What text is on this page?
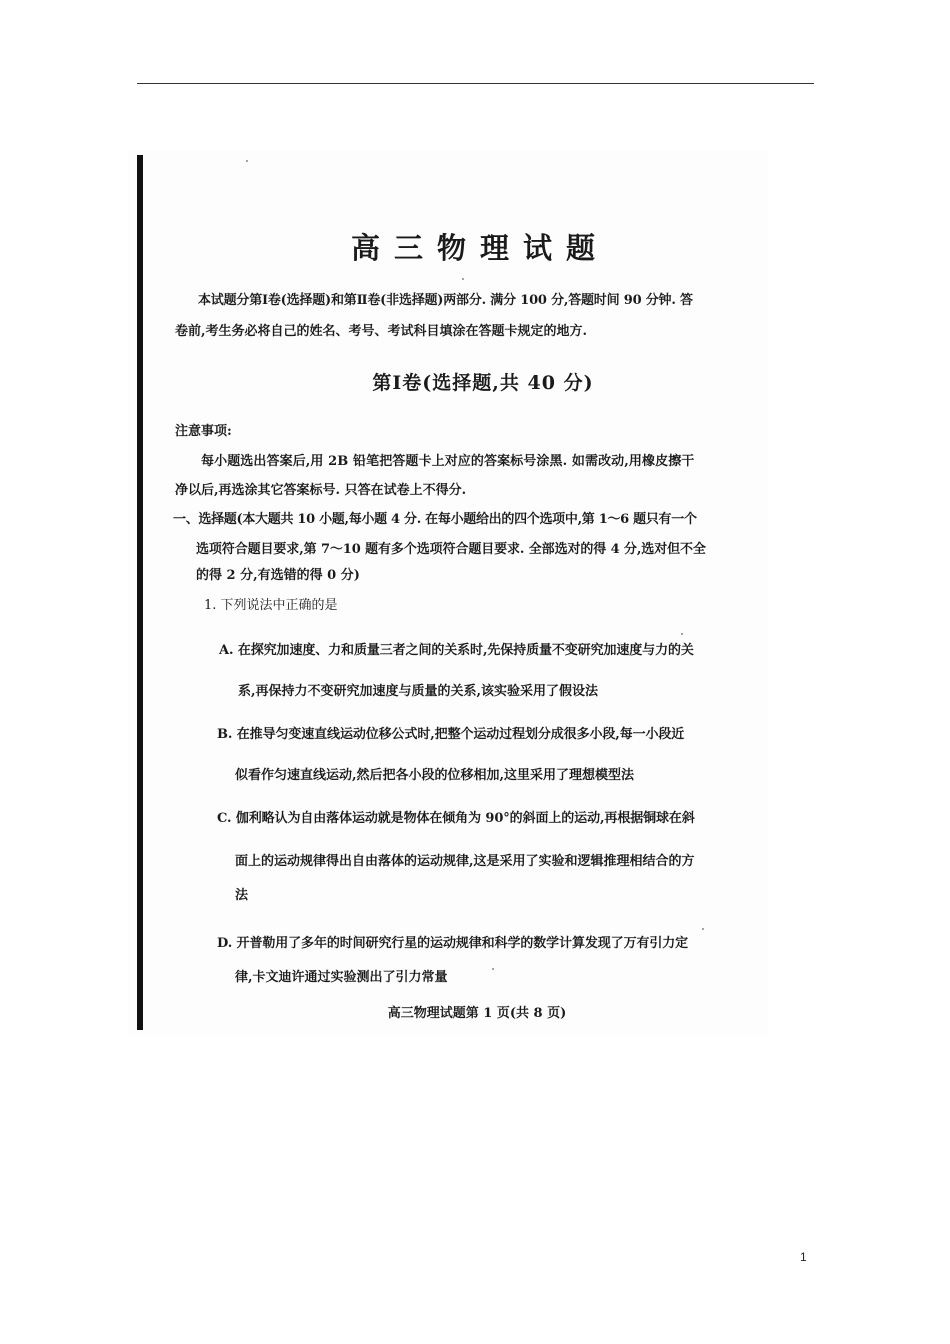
高三物理试题
本试题分第Ⅰ卷(选择题)和第Ⅱ卷(非选择题)两部分. 满分 100 分,答题时间 90 分钟. 答
卷前,考生务必将自己的姓名、考号、考试科目填涂在答题卡规定的地方.
第Ⅰ卷(选择题,共 40 分)
注意事项:
每小题选出答案后,用 2B 铅笔把答题卡上对应的答案标号涂黑. 如需改动,用橡皮擦干
净以后,再选涂其它答案标号. 只答在试卷上不得分.
一、选择题(本大题共 10 小题,每小题 4 分. 在每小题给出的四个选项中,第 1～6 题只有一个
选项符合题目要求,第 7～10 题有多个选项符合题目要求. 全部选对的得 4 分,选对但不全
的得 2 分,有选错的得 0 分)
1. 下列说法中正确的是
A. 在探究加速度、力和质量三者之间的关系时,先保持质量不变研究加速度与力的关
系,再保持力不变研究加速度与质量的关系,该实验采用了假设法
B. 在推导匀变速直线运动位移公式时,把整个运动过程划分成很多小段,每一小段近
似看作匀速直线运动,然后把各小段的位移相加,这里采用了理想模型法
C. 伽利略认为自由落体运动就是物体在倾角为 90°的斜面上的运动,再根据铜球在斜
面上的运动规律得出自由落体的运动规律,这是采用了实验和逻辑推理相结合的方
法
D. 开普勒用了多年的时间研究行星的运动规律和科学的数学计算发现了万有引力定
律,卡文迪许通过实验测出了引力常量
高三物理试题第 1 页(共 8 页)
1
